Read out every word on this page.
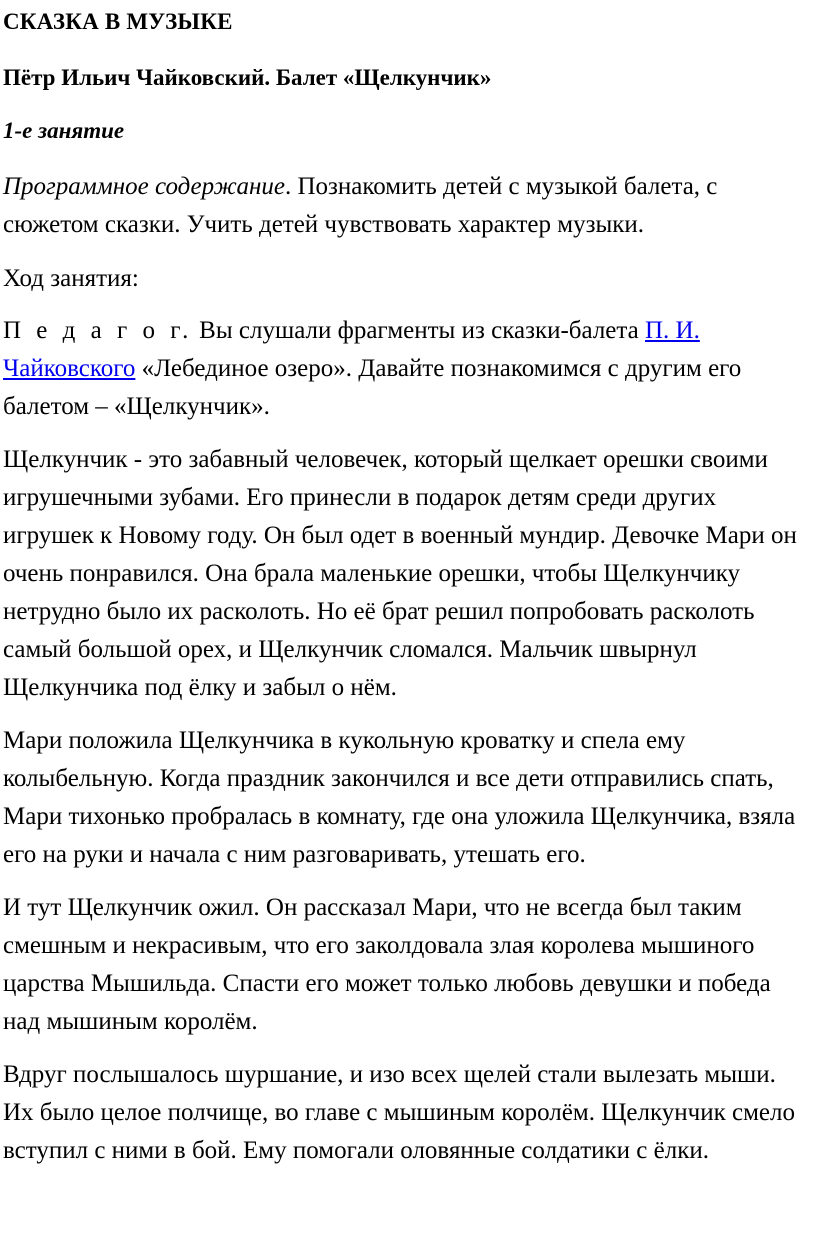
СКАЗКА В МУЗЫКЕ
Пётр Ильич Чайковский. Балет «Щелкунчик»
1-е занятие

Программное содержание. Познакомить детей с музыкой балета, с сюжетом сказки. Учить детей чувствовать характер музыки.

Ход занятия:

П е д а г о г. Вы слушали фрагменты из сказки-балета П. И. Чайковского «Лебединое озеро». Давайте познакомимся с другим его балетом – «Щелкунчик».

Щелкунчик - это забавный человечек, который щелкает орешки своими игрушечными зубами. Его принесли в подарок детям среди других игрушек к Новому году. Он был одет в военный мундир. Девочке Мари он очень понравился. Она брала маленькие орешки, чтобы Щелкунчику нетрудно было их расколоть. Но её брат решил попробовать расколоть самый большой орех, и Щелкунчик сломался. Мальчик швырнул Щелкунчика под ёлку и забыл о нём.

Мари положила Щелкунчика в кукольную кроватку и спела ему колыбельную. Когда праздник закончился и все дети отправились спать, Мари тихонько пробралась в комнату, где она уложила Щелкунчика, взяла его на руки и начала с ним разговаривать, утешать его.

И тут Щелкунчик ожил. Он рассказал Мари, что не всегда был таким смешным и некрасивым, что его заколдовала злая королева мышиного царства Мышильда. Спасти его может только любовь девушки и победа над мышиным королём.

Вдруг послышалось шуршание, и изо всех щелей стали вылезать мыши. Их было целое полчище, во главе с мышиным королём. Щелкунчик смело вступил с ними в бой. Ему помогали оловянные солдатики с ёлки.
